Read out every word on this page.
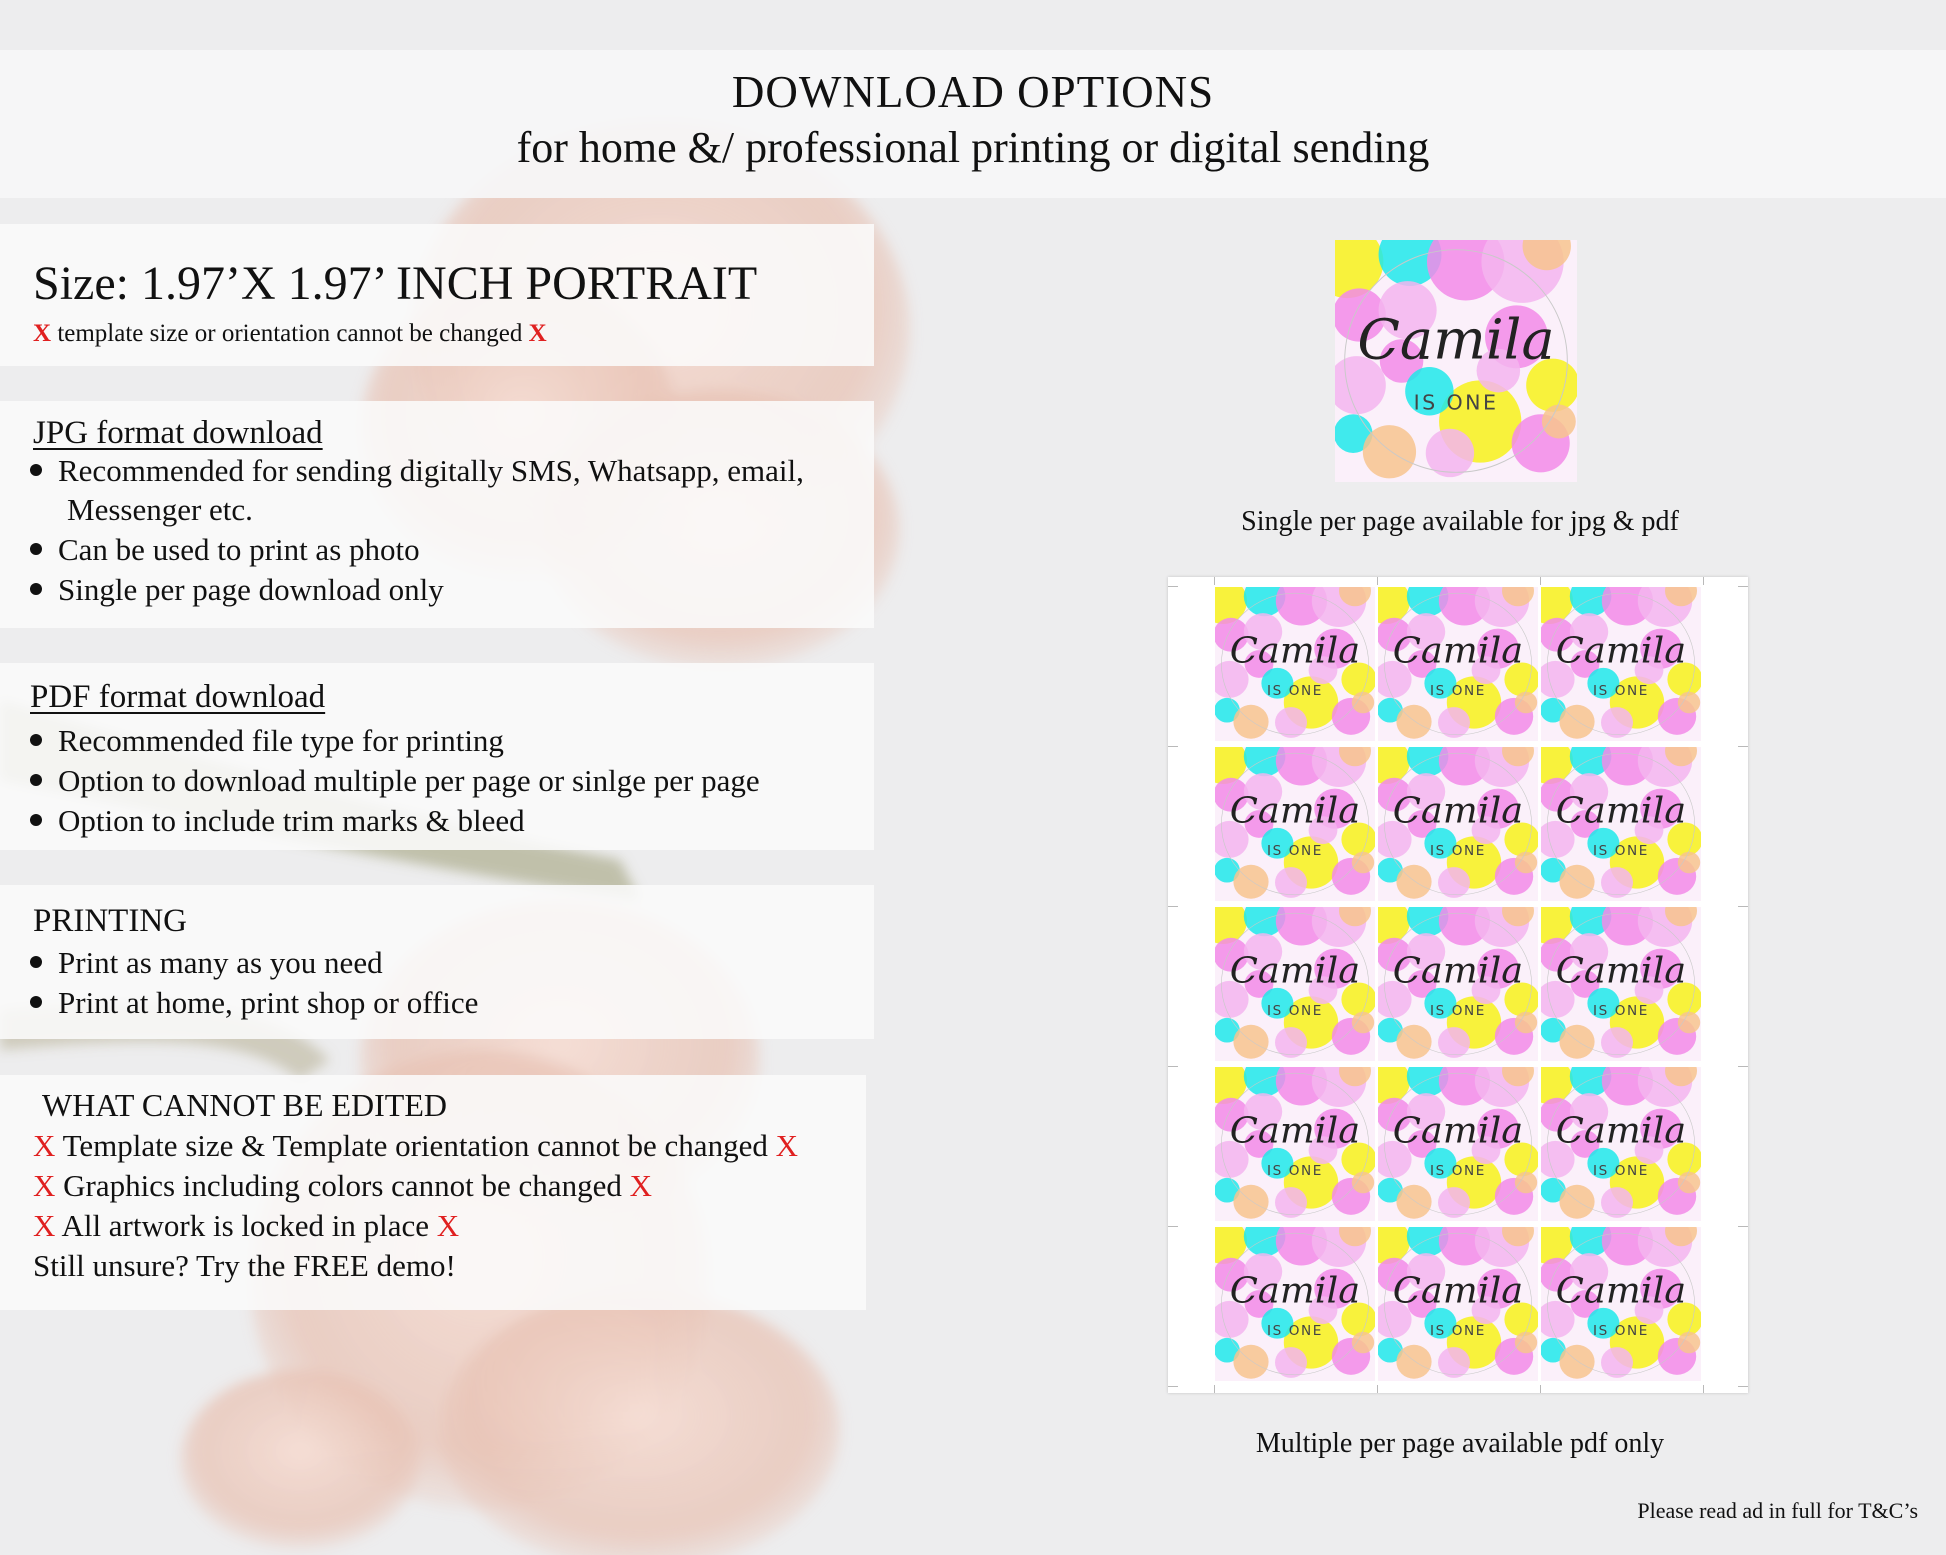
DOWNLOAD OPTIONS
for home &/ professional printing or digital sending
Size: 1.97’X 1.97’ INCH PORTRAIT
X template size or orientation cannot be changed X
JPG format download
Recommended for sending digitally SMS, Whatsapp, email,
Messenger etc.
Can be used to print as photo
Single per page download only
PDF format download
Recommended file type for printing
Option to download multiple per page or sinlge per page
Option to include trim marks & bleed
PRINTING
Print as many as you need
Print at home, print shop or office
WHAT CANNOT BE EDITED
X Template size & Template orientation cannot be changed X
X Graphics including colors cannot be changed X
X All artwork is locked in place X
Still unsure? Try the FREE demo!
Camila
IS ONE
Single per page available for jpg & pdf
Camila
IS ONE
Camila
IS ONE
Camila
IS ONE
Camila
IS ONE
Camila
IS ONE
Camila
IS ONE
Camila
IS ONE
Camila
IS ONE
Camila
IS ONE
Camila
IS ONE
Camila
IS ONE
Camila
IS ONE
Camila
IS ONE
Camila
IS ONE
Camila
IS ONE
Multiple per page available pdf only
Please read ad in full for T&C’s
